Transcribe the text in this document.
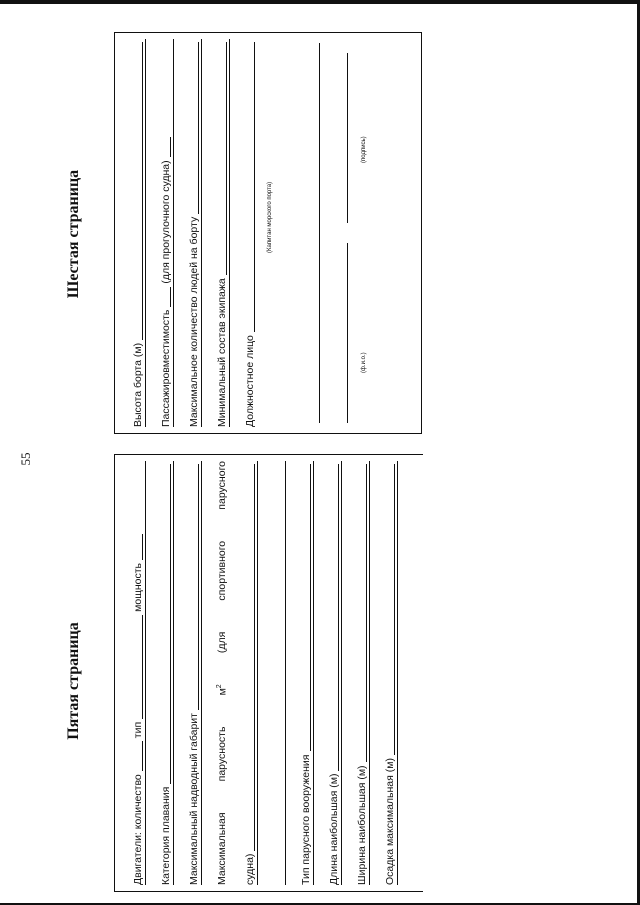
55
Пятая страница
Шестая страница
Двигатели: количество
тип
мощность
Категория плавания Максимальный надводный габарит Максимальная
парусность
$м^2$
(для
спортивного
парусного
судна)	Тип парусного вооружения Длина наибольшая (м) Ширина наибольшая (м) Осадка максимальная (м)
Высота борта (м) Пассажировместимость
(для прогулочного судна) Максимальное количество людей на борту Минимальный состав экипажа Должностное лицо
(Капитан морского порта)
(ф.и.о.)
(подпись)
